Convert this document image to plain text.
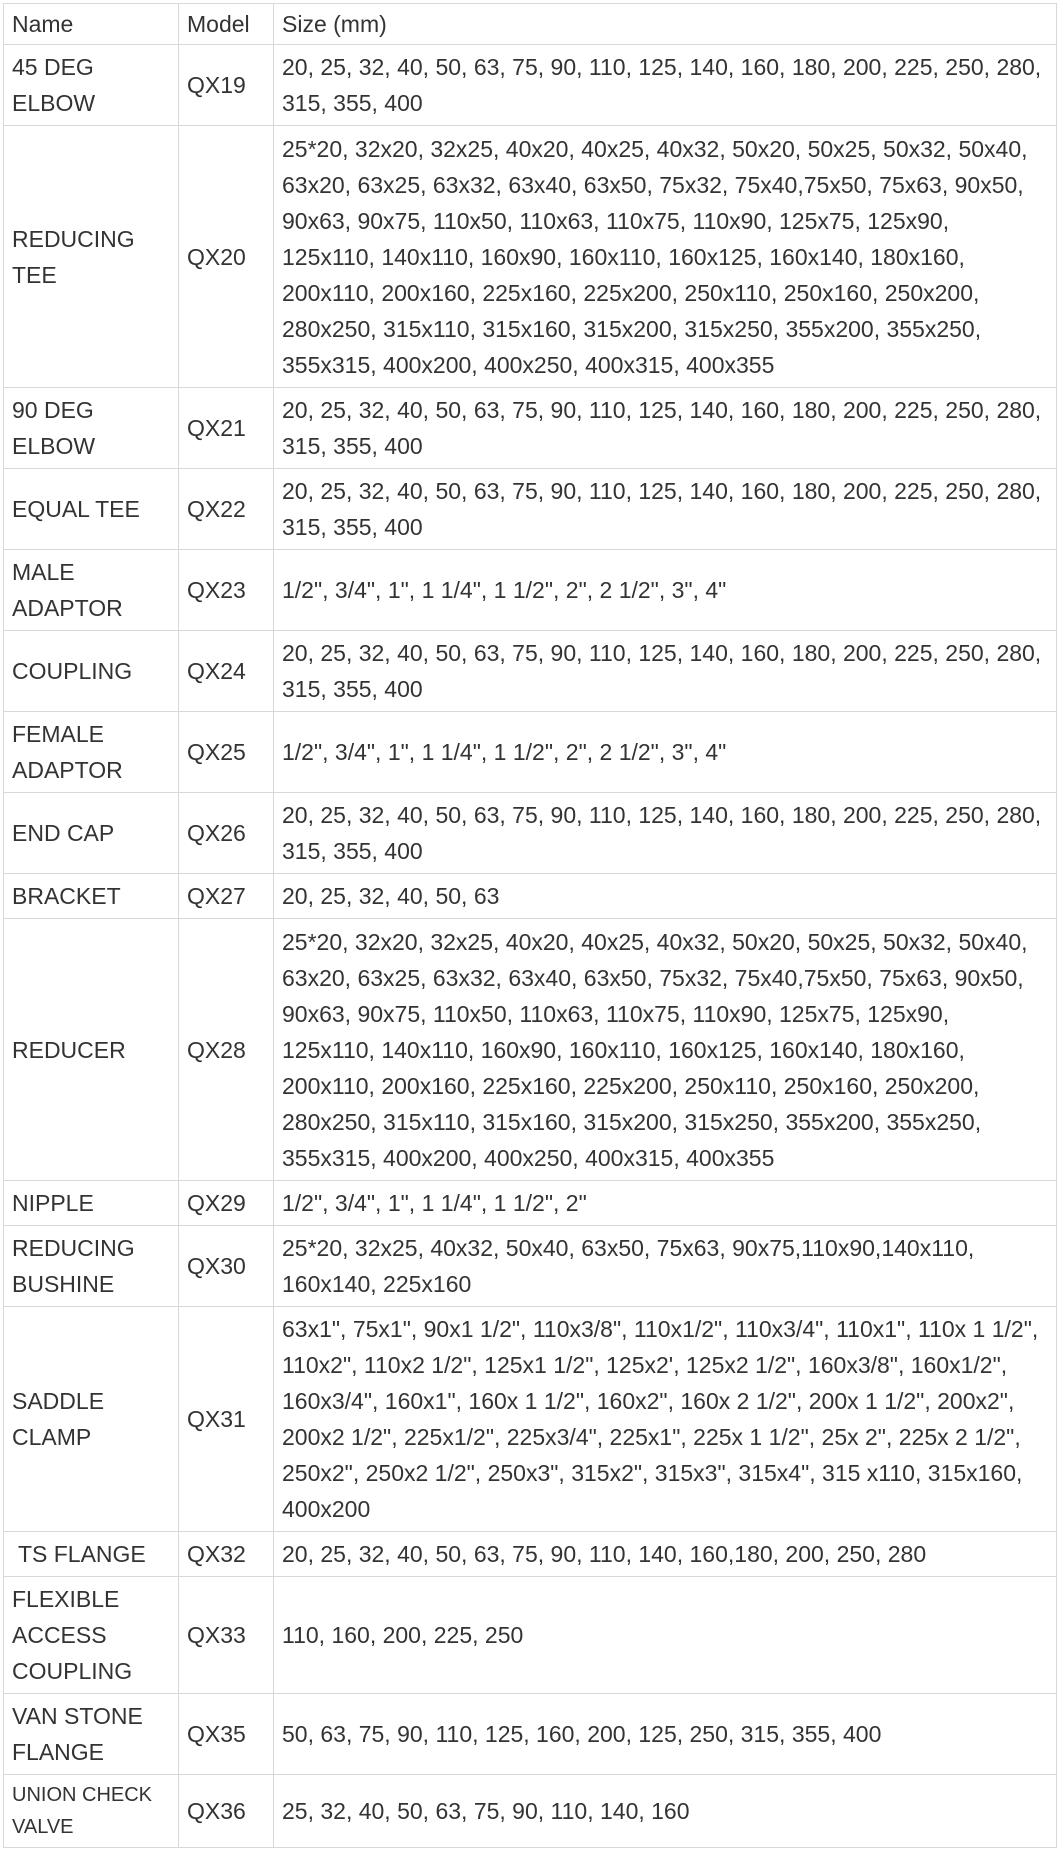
Name	Model	Size (mm)
45 DEG ELBOW	QX19	20, 25, 32, 40, 50, 63, 75, 90, 110, 125, 140, 160, 180, 200, 225, 250, 280, 315, 355, 400
REDUCING TEE	QX20	25*20, 32x20, 32x25, 40x20, 40x25, 40x32, 50x20, 50x25, 50x32, 50x40, 63x20, 63x25, 63x32, 63x40, 63x50, 75x32, 75x40,75x50, 75x63, 90x50, 90x63, 90x75, 110x50, 110x63, 110x75, 110x90, 125x75, 125x90, 125x110, 140x110, 160x90, 160x110, 160x125, 160x140, 180x160, 200x110, 200x160, 225x160, 225x200, 250x110, 250x160, 250x200, 280x250, 315x110, 315x160, 315x200, 315x250, 355x200, 355x250, 355x315, 400x200, 400x250, 400x315, 400x355
90 DEG ELBOW	QX21	20, 25, 32, 40, 50, 63, 75, 90, 110, 125, 140, 160, 180, 200, 225, 250, 280, 315, 355, 400
EQUAL TEE	QX22	20, 25, 32, 40, 50, 63, 75, 90, 110, 125, 140, 160, 180, 200, 225, 250, 280, 315, 355, 400
MALE ADAPTOR	QX23	1/2", 3/4", 1", 1 1/4", 1 1/2", 2", 2 1/2", 3", 4"
COUPLING	QX24	20, 25, 32, 40, 50, 63, 75, 90, 110, 125, 140, 160, 180, 200, 225, 250, 280, 315, 355, 400
FEMALE ADAPTOR	QX25	1/2", 3/4", 1", 1 1/4", 1 1/2", 2", 2 1/2", 3", 4"
END CAP	QX26	20, 25, 32, 40, 50, 63, 75, 90, 110, 125, 140, 160, 180, 200, 225, 250, 280, 315, 355, 400
BRACKET	QX27	20, 25, 32, 40, 50, 63
REDUCER	QX28	25*20, 32x20, 32x25, 40x20, 40x25, 40x32, 50x20, 50x25, 50x32, 50x40, 63x20, 63x25, 63x32, 63x40, 63x50, 75x32, 75x40,75x50, 75x63, 90x50, 90x63, 90x75, 110x50, 110x63, 110x75, 110x90, 125x75, 125x90, 125x110, 140x110, 160x90, 160x110, 160x125, 160x140, 180x160, 200x110, 200x160, 225x160, 225x200, 250x110, 250x160, 250x200, 280x250, 315x110, 315x160, 315x200, 315x250, 355x200, 355x250, 355x315, 400x200, 400x250, 400x315, 400x355
NIPPLE	QX29	1/2", 3/4", 1", 1 1/4", 1 1/2", 2"
REDUCING BUSHINE	QX30	25*20, 32x25, 40x32, 50x40, 63x50, 75x63, 90x75,110x90,140x110, 160x140, 225x160
SADDLE CLAMP	QX31	63x1", 75x1", 90x1 1/2", 110x3/8", 110x1/2", 110x3/4", 110x1", 110x 1 1/2", 110x2", 110x2 1/2", 125x1 1/2", 125x2', 125x2 1/2", 160x3/8", 160x1/2", 160x3/4", 160x1", 160x 1 1/2", 160x2", 160x 2 1/2", 200x 1 1/2", 200x2", 200x2 1/2", 225x1/2", 225x3/4", 225x1", 225x 1 1/2", 25x 2", 225x 2 1/2", 250x2", 250x2 1/2", 250x3", 315x2", 315x3", 315x4", 315 x110, 315x160, 400x200
TS FLANGE	QX32	20, 25, 32, 40, 50, 63, 75, 90, 110, 140, 160,180, 200, 250, 280
FLEXIBLE ACCESS COUPLING	QX33	110, 160, 200, 225, 250
VAN STONE FLANGE	QX35	50, 63, 75, 90, 110, 125, 160, 200, 125, 250, 315, 355, 400
UNION CHECK VALVE	QX36	25, 32, 40, 50, 63, 75, 90, 110, 140, 160
